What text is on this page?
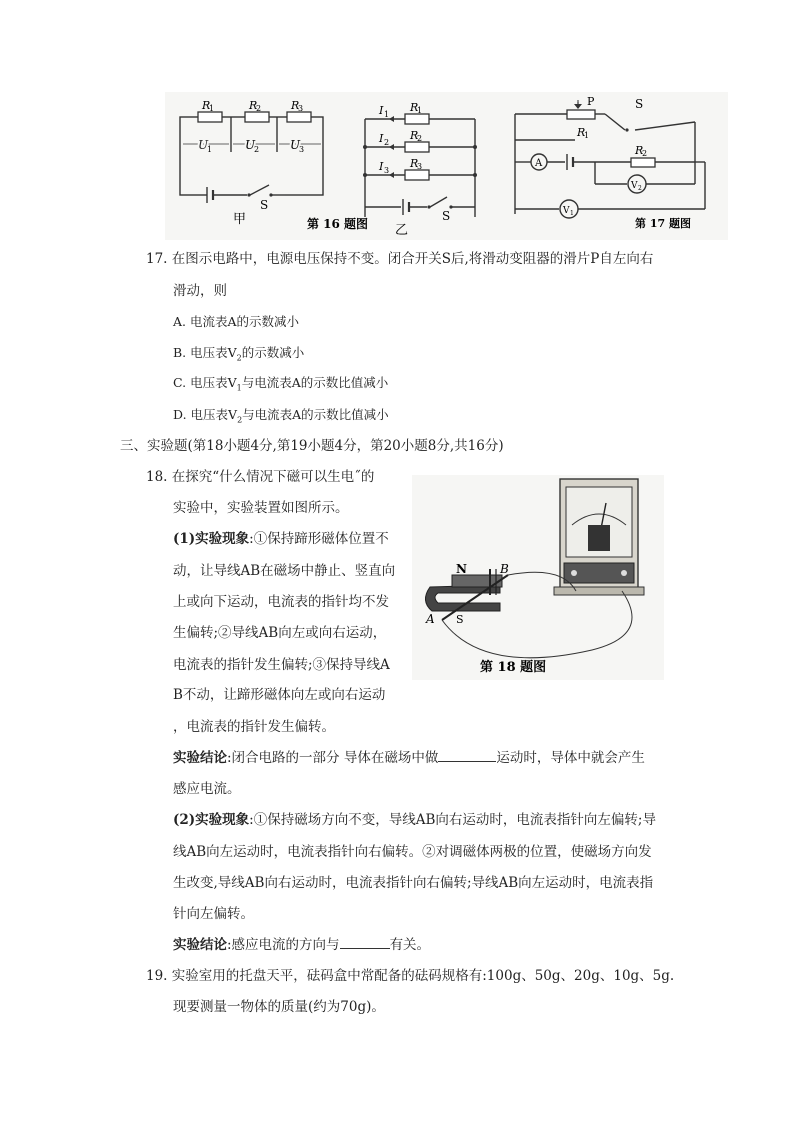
R
1	R
2	R
3
U
1	U
2	U
3
S
甲
R
1
R
2
R
3
I 1
I 2
I 3
S
乙
第 16 题图
P	S
R
1
A
R
2
V 2
V 1
第 17 题图
17. 在图示电路中，电源电压保持不变。闭合开关S后,将滑动变阻器的滑片P自左向右
滑动，则
A. 电流表A的示数减小
B. 电压表$V_2$的示数减小
C. 电压表$V_1$与电流表A的示数比值减小
D. 电压表$V_2$与电流表A的示数比值减小
三、实验题(第18小题4分,第19小题4分，第20小题8分,共16分)
18. 在探究“什么情况下磁可以生电˝的
实验中，实验装置如图所示。
(1)实验现象:①保持蹄形磁体位置不
动，让导线AB在磁场中静止、竖直向
上或向下运动，电流表的指针均不发
生偏转;②导线AB向左或向右运动，
电流表的指针发生偏转;③保持导线A
B不动，让蹄形磁体向左或向右运动
，电流表的指针发生偏转。
N	B
A S
第 18 题图
实验结论:闭合电路的一部分 导体在磁场中做	运动时，导体中就会产生
感应电流。
(2)实验现象:①保持磁场方向不变，导线AB向右运动时，电流表指针向左偏转;导
线AB向左运动时，电流表指针向右偏转。②对调磁体两极的位置，使磁场方向发
生改变,导线AB向右运动时，电流表指针向右偏转;导线AB向左运动时，电流表指
针向左偏转。
实验结论:感应电流的方向与	有关。
19. 实验室用的托盘天平，砝码盒中常配备的砝码规格有:100g、50g、20g、10g、5g.
现要测量一物体的质量(约为70g)。
